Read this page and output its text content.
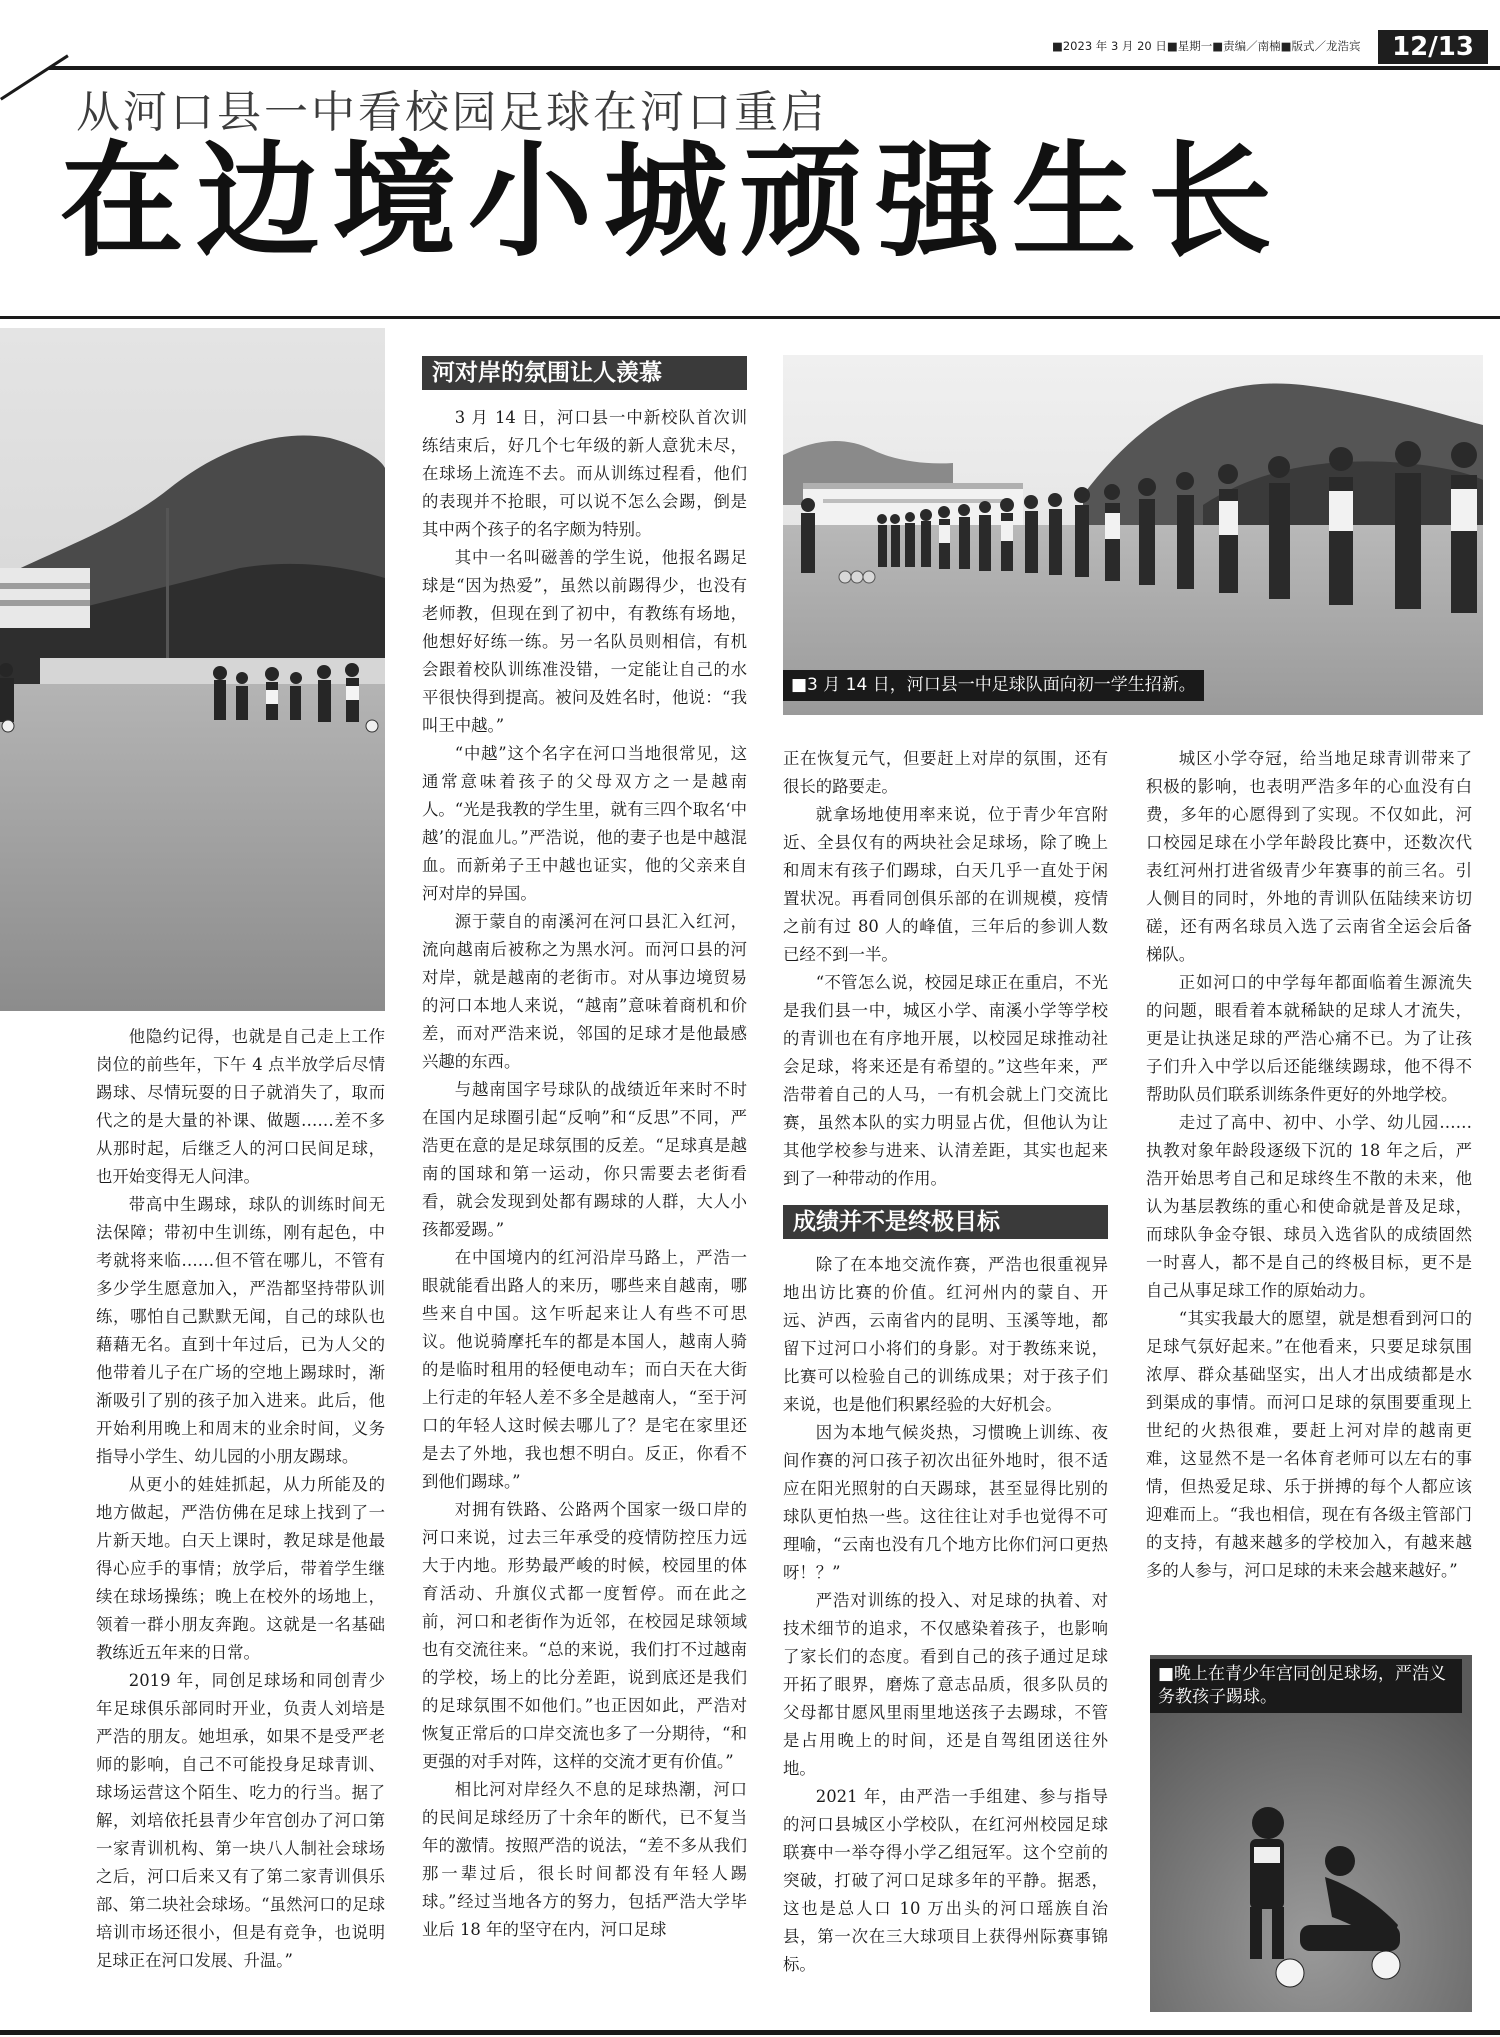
■2023 年 3 月 20 日■星期一■责编／南楠■版式／龙浩宾	12/13
从河口县一中看校园足球在河口重启
在边境小城顽强生长
■3 月 14 日，河口县一中足球队面向初一学生招新。
■晚上在青少年宫同创足球场，严浩义务教孩子踢球。

他隐约记得，也就是自己走上工作岗位的前些年，下午 4 点半放学后尽情踢球、尽情玩耍的日子就消失了，取而代之的是大量的补课、做题……差不多从那时起，后继乏人的河口民间足球，也开始变得无人问津。

带高中生踢球，球队的训练时间无法保障；带初中生训练，刚有起色，中考就将来临……但不管在哪儿，不管有多少学生愿意加入，严浩都坚持带队训练，哪怕自己默默无闻，自己的球队也藉藉无名。直到十年过后，已为人父的他带着儿子在广场的空地上踢球时，渐渐吸引了别的孩子加入进来。此后，他开始利用晚上和周末的业余时间，义务指导小学生、幼儿园的小朋友踢球。

从更小的娃娃抓起，从力所能及的地方做起，严浩仿佛在足球上找到了一片新天地。白天上课时，教足球是他最得心应手的事情；放学后，带着学生继续在球场操练；晚上在校外的场地上，领着一群小朋友奔跑。这就是一名基础教练近五年来的日常。

2019 年，同创足球场和同创青少年足球俱乐部同时开业，负责人刘培是严浩的朋友。她坦承，如果不是受严老师的影响，自己不可能投身足球青训、球场运营这个陌生、吃力的行当。据了解，刘培依托县青少年宫创办了河口第一家青训机构、第一块八人制社会球场之后，河口后来又有了第二家青训俱乐部、第二块社会球场。“虽然河口的足球培训市场还很小，但是有竞争，也说明足球正在河口发展、升温。”

河对岸的氛围让人羡慕

3 月 14 日，河口县一中新校队首次训练结束后，好几个七年级的新人意犹未尽，在球场上流连不去。而从训练过程看，他们的表现并不抢眼，可以说不怎么会踢，倒是其中两个孩子的名字颇为特别。

其中一名叫磁善的学生说，他报名踢足球是“因为热爱”，虽然以前踢得少，也没有老师教，但现在到了初中，有教练有场地，他想好好练一练。另一名队员则相信，有机会跟着校队训练准没错，一定能让自己的水平很快得到提高。被问及姓名时，他说：“我叫王中越。”

“中越”这个名字在河口当地很常见，这通常意味着孩子的父母双方之一是越南人。“光是我教的学生里，就有三四个取名‘中越’的混血儿。”严浩说，他的妻子也是中越混血。而新弟子王中越也证实，他的父亲来自河对岸的异国。

源于蒙自的南溪河在河口县汇入红河，流向越南后被称之为黑水河。而河口县的河对岸，就是越南的老街市。对从事边境贸易的河口本地人来说，“越南”意味着商机和价差，而对严浩来说，邻国的足球才是他最感兴趣的东西。

与越南国字号球队的战绩近年来时不时在国内足球圈引起“反响”和“反思”不同，严浩更在意的是足球氛围的反差。“足球真是越南的国球和第一运动，你只需要去老街看看，就会发现到处都有踢球的人群，大人小孩都爱踢。”

在中国境内的红河沿岸马路上，严浩一眼就能看出路人的来历，哪些来自越南，哪些来自中国。这乍听起来让人有些不可思议。他说骑摩托车的都是本国人，越南人骑的是临时租用的轻便电动车；而白天在大街上行走的年轻人差不多全是越南人，“至于河口的年轻人这时候去哪儿了？是宅在家里还是去了外地，我也想不明白。反正，你看不到他们踢球。”

对拥有铁路、公路两个国家一级口岸的河口来说，过去三年承受的疫情防控压力远大于内地。形势最严峻的时候，校园里的体育活动、升旗仪式都一度暂停。而在此之前，河口和老街作为近邻，在校园足球领域也有交流往来。“总的来说，我们打不过越南的学校，场上的比分差距，说到底还是我们的足球氛围不如他们。”也正因如此，严浩对恢复正常后的口岸交流也多了一分期待，“和更强的对手对阵，这样的交流才更有价值。”

相比河对岸经久不息的足球热潮，河口的民间足球经历了十余年的断代，已不复当年的激情。按照严浩的说法，“差不多从我们那一辈过后，很长时间都没有年轻人踢球。”经过当地各方的努力，包括严浩大学毕业后 18 年的坚守在内，河口足球

正在恢复元气，但要赶上对岸的氛围，还有很长的路要走。

就拿场地使用率来说，位于青少年宫附近、全县仅有的两块社会足球场，除了晚上和周末有孩子们踢球，白天几乎一直处于闲置状况。再看同创俱乐部的在训规模，疫情之前有过 80 人的峰值，三年后的参训人数已经不到一半。

“不管怎么说，校园足球正在重启，不光是我们县一中，城区小学、南溪小学等学校的青训也在有序地开展，以校园足球推动社会足球，将来还是有希望的。”这些年来，严浩带着自己的人马，一有机会就上门交流比赛，虽然本队的实力明显占优，但他认为让其他学校参与进来、认清差距，其实也起来到了一种带动的作用。

成绩并不是终极目标

除了在本地交流作赛，严浩也很重视异地出访比赛的价值。红河州内的蒙自、开远、泸西，云南省内的昆明、玉溪等地，都留下过河口小将们的身影。对于教练来说，比赛可以检验自己的训练成果；对于孩子们来说，也是他们积累经验的大好机会。

因为本地气候炎热，习惯晚上训练、夜间作赛的河口孩子初次出征外地时，很不适应在阳光照射的白天踢球，甚至显得比别的球队更怕热一些。这往往让对手也觉得不可理喻，“云南也没有几个地方比你们河口更热呀！？”

严浩对训练的投入、对足球的执着、对技术细节的追求，不仅感染着孩子，也影响了家长们的态度。看到自己的孩子通过足球开拓了眼界，磨炼了意志品质，很多队员的父母都甘愿风里雨里地送孩子去踢球，不管是占用晚上的时间，还是自驾组团送往外地。

2021 年，由严浩一手组建、参与指导的河口县城区小学校队，在红河州校园足球联赛中一举夺得小学乙组冠军。这个空前的突破，打破了河口足球多年的平静。据悉，这也是总人口 10 万出头的河口瑶族自治县，第一次在三大球项目上获得州际赛事锦标。

城区小学夺冠，给当地足球青训带来了积极的影响，也表明严浩多年的心血没有白费，多年的心愿得到了实现。不仅如此，河口校园足球在小学年龄段比赛中，还数次代表红河州打进省级青少年赛事的前三名。引人侧目的同时，外地的青训队伍陆续来访切磋，还有两名球员入选了云南省全运会后备梯队。

正如河口的中学每年都面临着生源流失的问题，眼看着本就稀缺的足球人才流失，更是让执迷足球的严浩心痛不已。为了让孩子们升入中学以后还能继续踢球，他不得不帮助队员们联系训练条件更好的外地学校。

走过了高中、初中、小学、幼儿园……执教对象年龄段逐级下沉的 18 年之后，严浩开始思考自己和足球终生不散的未来，他认为基层教练的重心和使命就是普及足球，而球队争金夺银、球员入选省队的成绩固然一时喜人，都不是自己的终极目标，更不是自己从事足球工作的原始动力。

“其实我最大的愿望，就是想看到河口的足球气氛好起来。”在他看来，只要足球氛围浓厚、群众基础坚实，出人才出成绩都是水到渠成的事情。而河口足球的氛围要重现上世纪的火热很难，要赶上河对岸的越南更难，这显然不是一名体育老师可以左右的事情，但热爱足球、乐于拼搏的每个人都应该迎难而上。“我也相信，现在有各级主管部门的支持，有越来越多的学校加入，有越来越多的人参与，河口足球的未来会越来越好。”
